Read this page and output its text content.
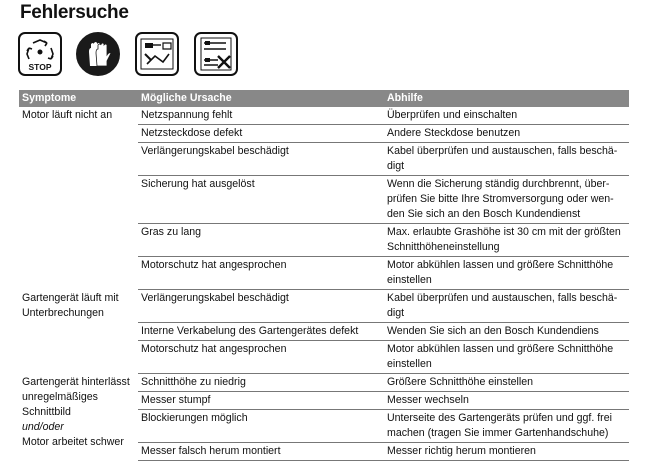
Fehlersuche
STOP
Symptome	Mögliche Ursache	Abhilfe

Motor läuft nicht an	Netzspannung fehlt	Überprüfen und einschalten
	Netzsteckdose defekt	Andere Steckdose benutzen
	Verlängerungskabel beschädigt	Kabel überprüfen und austauschen, falls beschä-
digt
	Sicherung hat ausgelöst	Wenn die Sicherung ständig durchbrennt, über-
prüfen Sie bitte Ihre Stromversorgung oder wen-
den Sie sich an den Bosch Kundendienst
	Gras zu lang	Max. erlaubte Grashöhe ist 30 cm mit der größten
Schnitthöheneinstellung
	Motorschutz hat angesprochen	Motor abkühlen lassen und größere Schnitthöhe
einstellen

Gartengerät läuft mit
Unterbrechungen	Verlängerungskabel beschädigt	Kabel überprüfen und austauschen, falls beschä-
digt
	Interne Verkabelung des Gartengerätes defekt	Wenden Sie sich an den Bosch Kundendiens
	Motorschutz hat angesprochen	Motor abkühlen lassen und größere Schnitthöhe
einstellen

Gartengerät hinterlässt
unregelmäßiges
Schnittbild
und/oder
Motor arbeitet schwer	Schnitthöhe zu niedrig	Größere Schnitthöhe einstellen
	Messer stumpf	Messer wechseln
	Blockierungen möglich	Unterseite des Gartengeräts prüfen und ggf. frei
machen (tragen Sie immer Gartenhandschuhe)
	Messer falsch herum montiert	Messer richtig herum montieren
